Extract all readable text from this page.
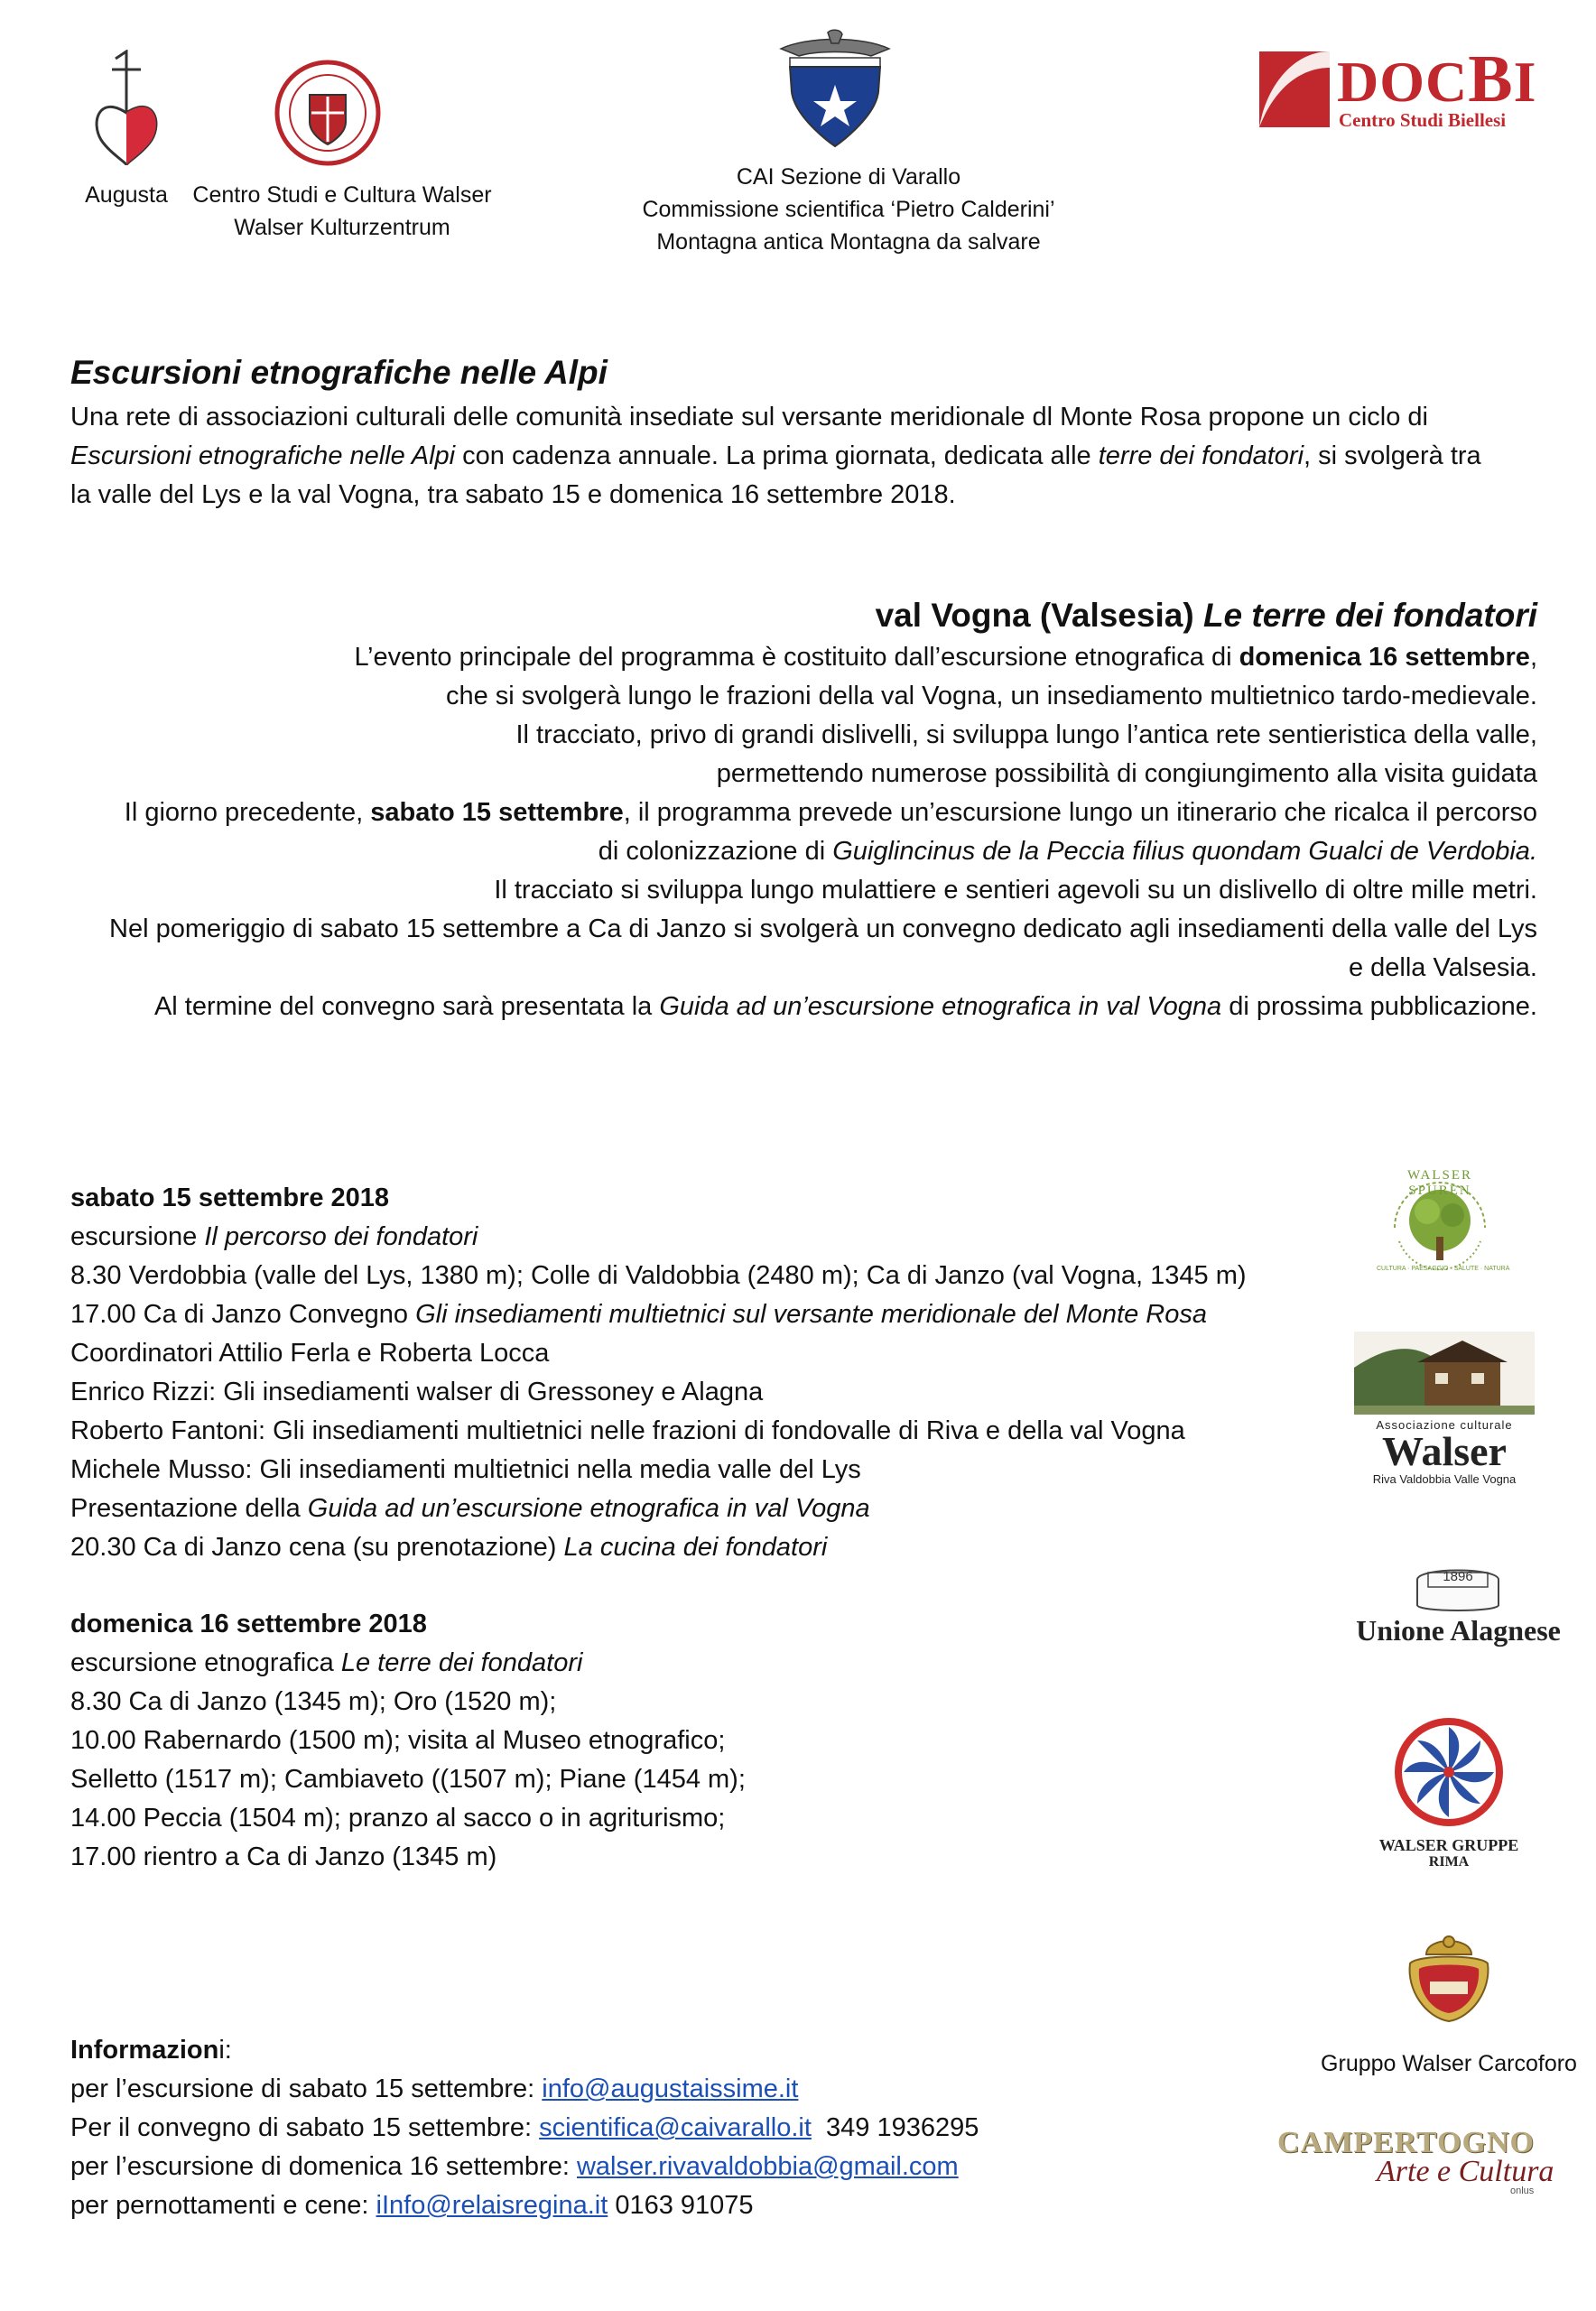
Augusta	Centro Studi e Cultura Walser
Walser Kulturzentrum
CAI Sezione di Varallo
Commissione scientifica ‘Pietro Calderini’
Montagna antica Montagna da salvare
DOCBI
Centro Studi Biellesi
Escursioni etnografiche nelle Alpi
Una rete di associazioni culturali delle comunità insediate sul versante meridionale dl Monte Rosa propone un ciclo di
Escursioni etnografiche nelle Alpi con cadenza annuale. La prima giornata, dedicata alle terre dei fondatori, si svolgerà tra
la valle del Lys e la val Vogna, tra sabato 15 e domenica 16 settembre 2018.
val Vogna (Valsesia) Le terre dei fondatori
L’evento principale del programma è costituito dall’escursione etnografica di domenica 16 settembre,
che si svolgerà lungo le frazioni della val Vogna, un insediamento multietnico tardo-medievale.
Il tracciato, privo di grandi dislivelli, si sviluppa lungo l’antica rete sentieristica della valle,
permettendo numerose possibilità di congiungimento alla visita guidata
Il giorno precedente, sabato 15 settembre, il programma prevede un’escursione lungo un itinerario che ricalca il percorso
di colonizzazione di Guiglincinus de la Peccia filius quondam Gualci de Verdobia.
Il tracciato si sviluppa lungo mulattiere e sentieri agevoli su un dislivello di oltre mille metri.
Nel pomeriggio di sabato 15 settembre a Ca di Janzo si svolgerà un convegno dedicato agli insediamenti della valle del Lys
e della Valsesia.
Al termine del convegno sarà presentata la Guida ad un’escursione etnografica in val Vogna di prossima pubblicazione.
sabato 15 settembre 2018
escursione Il percorso dei fondatori
8.30 Verdobbia (valle del Lys, 1380 m); Colle di Valdobbia (2480 m); Ca di Janzo (val Vogna, 1345 m)
17.00 Ca di Janzo Convegno Gli insediamenti multietnici sul versante meridionale del Monte Rosa
Coordinatori Attilio Ferla e Roberta Locca
Enrico Rizzi: Gli insediamenti walser di Gressoney e Alagna
Roberto Fantoni: Gli insediamenti multietnici nelle frazioni di fondovalle di Riva e della val Vogna
Michele Musso: Gli insediamenti multietnici nella media valle del Lys
Presentazione della Guida ad un’escursione etnografica in val Vogna
20.30 Ca di Janzo cena (su prenotazione) La cucina dei fondatori
domenica 16 settembre 2018
escursione etnografica Le terre dei fondatori
8.30 Ca di Janzo (1345 m); Oro (1520 m);
10.00 Rabernardo (1500 m); visita al Museo etnografico;
Selletto (1517 m); Cambiaveto ((1507 m); Piane (1454 m);
14.00 Peccia (1504 m); pranzo al sacco o in agriturismo;
17.00 rientro a Ca di Janzo (1345 m)
Informazioni:
per l’escursione di sabato 15 settembre: info@augustaissime.it
Per il convegno di sabato 15 settembre: scientifica@caivarallo.it  349 1936295
per l’escursione di domenica 16 settembre: walser.rivavaldobbia@gmail.com
per pernottamenti e cene: iInfo@relaisregina.it 0163 91075
WALSER SPUREN
CULTURA · PAESAGGIO · SALUTE · NATURA
Associazione culturale
Walser
Riva Valdobbia Valle Vogna
1896
Unione Alagnese
WALSER GRUPPE
RIMA
Gruppo Walser Carcoforo
CAMPERTOGNO
Arte e Cultura
onlus
